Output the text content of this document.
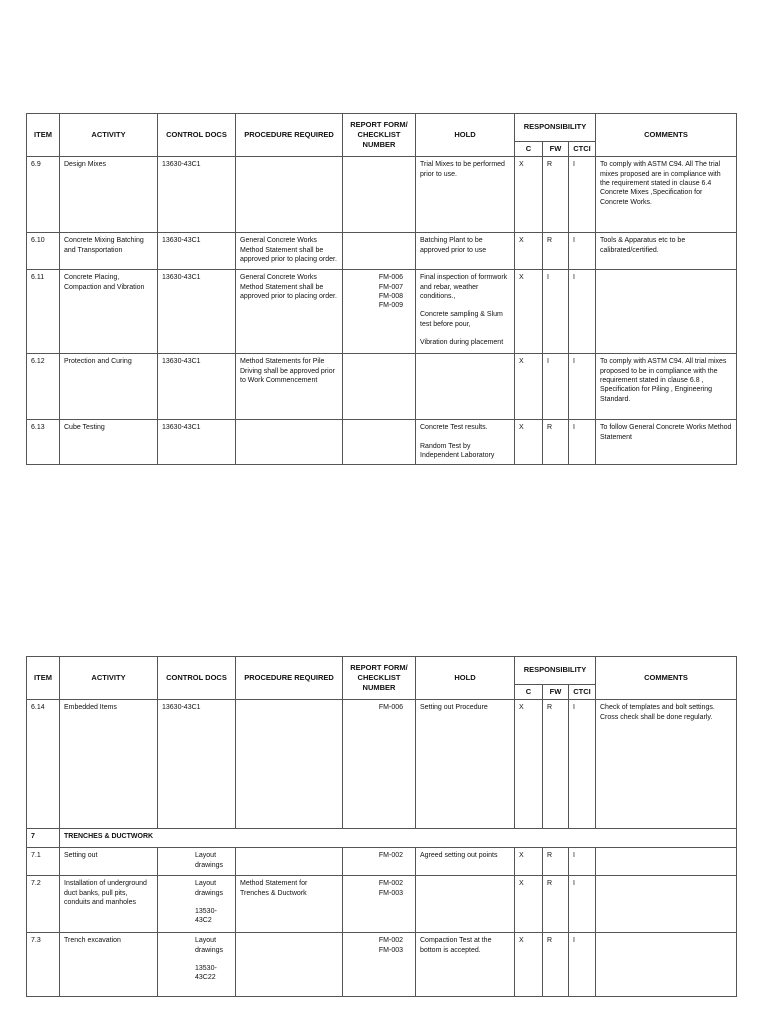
ITEM	ACTIVITY	CONTROL DOCS	PROCEDURE REQUIRED	REPORT FORM/ CHECKLIST NUMBER	HOLD	RESPONSIBILITY			COMMENTS
						C	FW	CTCI	
6.9	Design Mixes	13630-43C1			Trial Mixes to be performed prior to use.	X	R	I	To comply with ASTM C94. All The trial mixes proposed are in compliance with the requirement stated in clause 6.4 Concrete Mixes ,Specification for Concrete Works.
6.10	Concrete Mixing Batching and Transportation	13630-43C1	General Concrete Works Method Statement shall be approved prior to placing order.		Batching Plant to be approved prior to use	X	R	I	Tools & Apparatus etc to be calibrated/certified.
6.11	Concrete Placing, Compaction and Vibration	13630-43C1	General Concrete Works Method Statement shall be approved prior to placing order.	FM-006
FM-007
FM-008
FM-009	Final inspection of formwork and rebar, weather conditions.,
Concrete sampling & Slum test before pour,
Vibration during placement	X	I	I	
6.12	Protection and Curing	13630-43C1	Method Statements for Pile Driving shall be approved prior to Work Commencement			X	I	I	To comply with ASTM C94. All trial mixes proposed to be in compliance with the requirement stated in clause 6.8 , Specification for Piling , Engineering Standard.
6.13	Cube Testing	13630-43C1			Concrete Test results.
Random Test by Independent Laboratory	X	R	I	To follow General Concrete Works Method Statement
ITEM	ACTIVITY	CONTROL DOCS	PROCEDURE REQUIRED	REPORT FORM/ CHECKLIST NUMBER	HOLD	RESPONSIBILITY			COMMENTS
						C	FW	CTCI	
6.14	Embedded Items	13630-43C1		FM-006	Setting out Procedure	X	R	I	Check of templates and bolt settings. Cross check shall be done regularly.
7	TRENCHES & DUCTWORK								
7.1	Setting out	Layout drawings		FM-002	Agreed setting out points	X	R	I	
7.2	Installation of underground duct banks, pull pits, conduits and manholes	Layout drawings
13530-43C2	Method Statement for Trenches & Ductwork	FM-002
FM-003		X	R	I	
7.3	Trench excavation	Layout drawings
13530-43C22		FM-002
FM-003	Compaction Test at the bottom is accepted.	X	R	I	
